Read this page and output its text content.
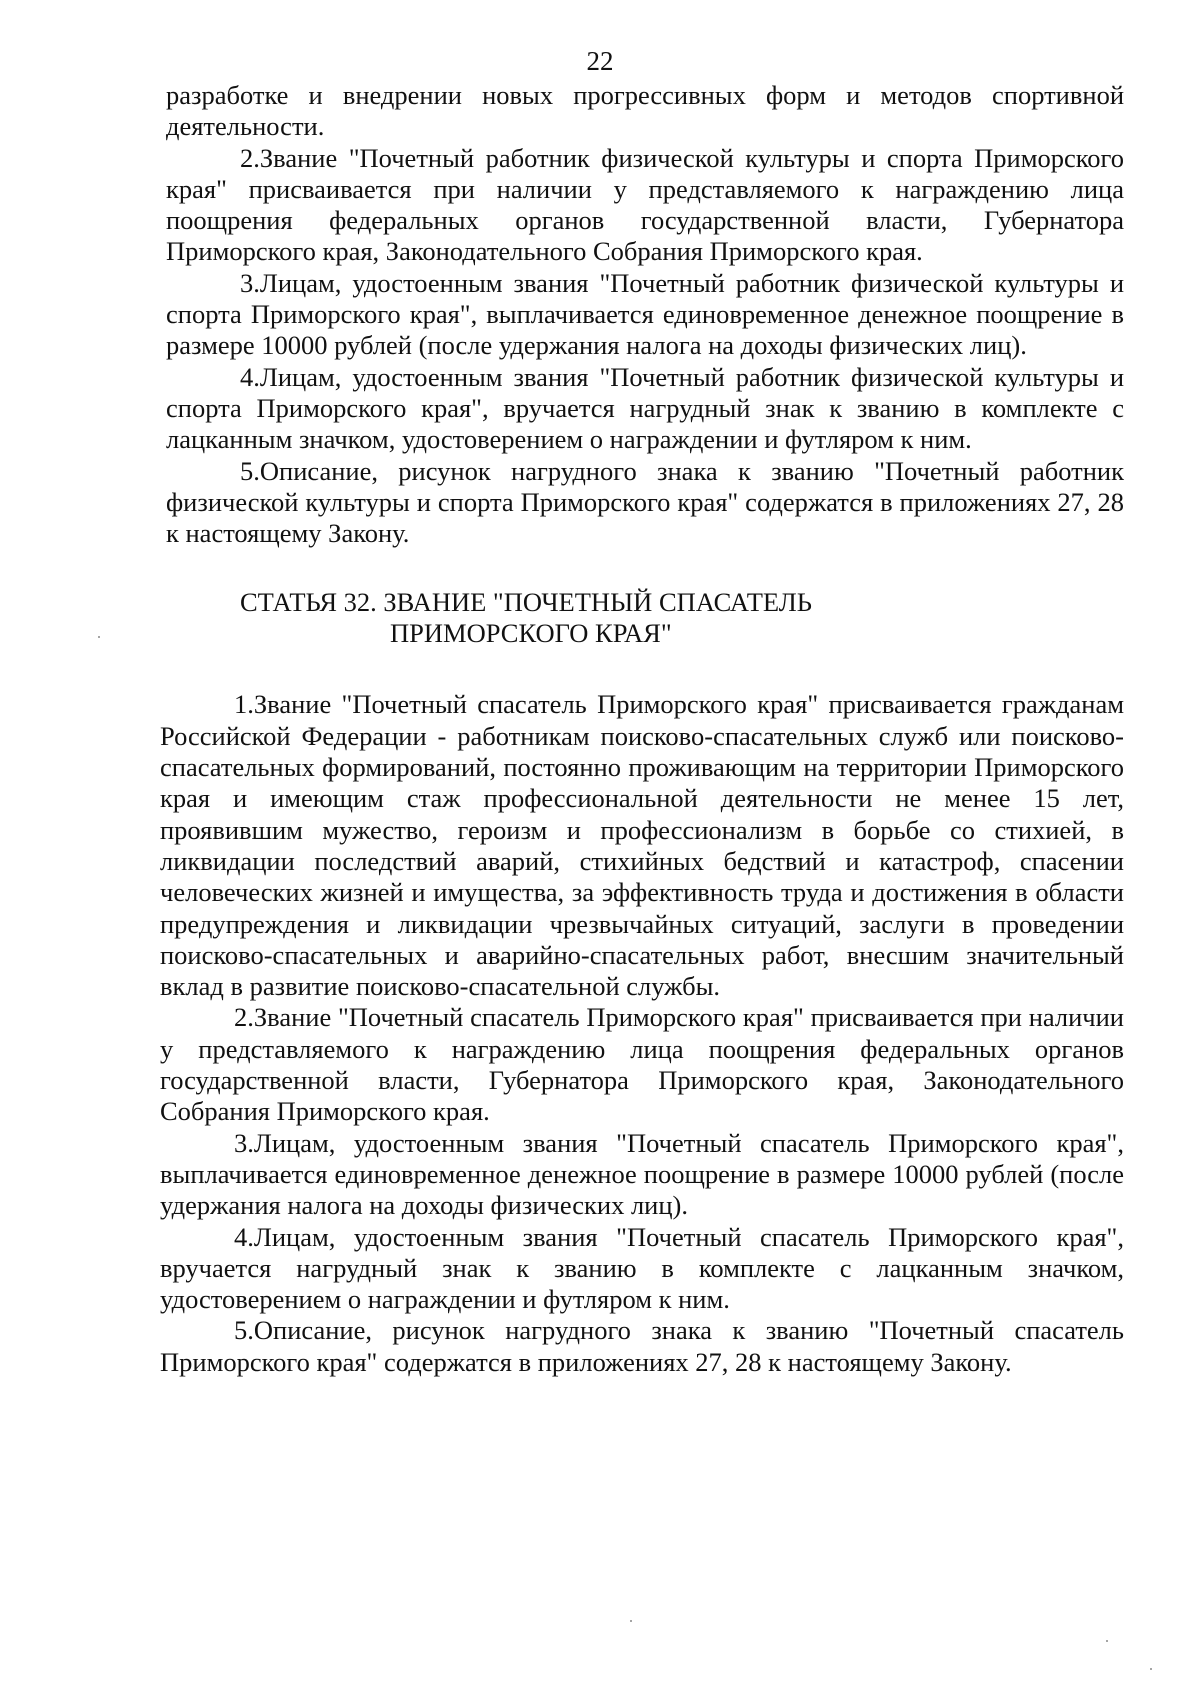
22

разработке и внедрении новых прогрессивных форм и методов спортивной деятельности.

2.Звание "Почетный работник физической культуры и спорта Приморского края" присваивается при наличии у представляемого к награждению лица поощрения федеральных органов государственной власти, Губернатора Приморского края, Законодательного Собрания Приморского края.

3.Лицам, удостоенным звания "Почетный работник физической культуры и спорта Приморского края", выплачивается единовременное денежное поощрение в размере 10000 рублей (после удержания налога на доходы физических лиц).

4.Лицам, удостоенным звания "Почетный работник физической культуры и спорта Приморского края", вручается нагрудный знак к званию в комплекте с лацканным значком, удостоверением о награждении и футляром к ним.

5.Описание, рисунок нагрудного знака к званию "Почетный работник физической культуры и спорта Приморского края" содержатся в приложениях 27, 28 к настоящему Закону.

СТАТЬЯ 32. ЗВАНИЕ "ПОЧЕТНЫЙ СПАСАТЕЛЬ
ПРИМОРСКОГО КРАЯ"

1.Звание "Почетный спасатель Приморского края" присваивается гражданам Российской Федерации - работникам поисково-спасательных служб или поисково-спасательных формирований, постоянно проживающим на территории Приморского края и имеющим стаж профессиональной деятельности не менее 15 лет, проявившим мужество, героизм и профессионализм в борьбе со стихией, в ликвидации последствий аварий, стихийных бедствий и катастроф, спасении человеческих жизней и имущества, за эффективность труда и достижения в области предупреждения и ликвидации чрезвычайных ситуаций, заслуги в проведении поисково-спасательных и аварийно-спасательных работ, внесшим значительный вклад в развитие поисково-спасательной службы.

2.Звание "Почетный спасатель Приморского края" присваивается при наличии у представляемого к награждению лица поощрения федеральных органов государственной власти, Губернатора Приморского края, Законодательного Собрания Приморского края.

3.Лицам, удостоенным звания "Почетный спасатель Приморского края", выплачивается единовременное денежное поощрение в размере 10000 рублей (после удержания налога на доходы физических лиц).

4.Лицам, удостоенным звания "Почетный спасатель Приморского края", вручается нагрудный знак к званию в комплекте с лацканным значком, удостоверением о награждении и футляром к ним.

5.Описание, рисунок нагрудного знака к званию "Почетный спасатель Приморского края" содержатся в приложениях 27, 28 к настоящему Закону.
